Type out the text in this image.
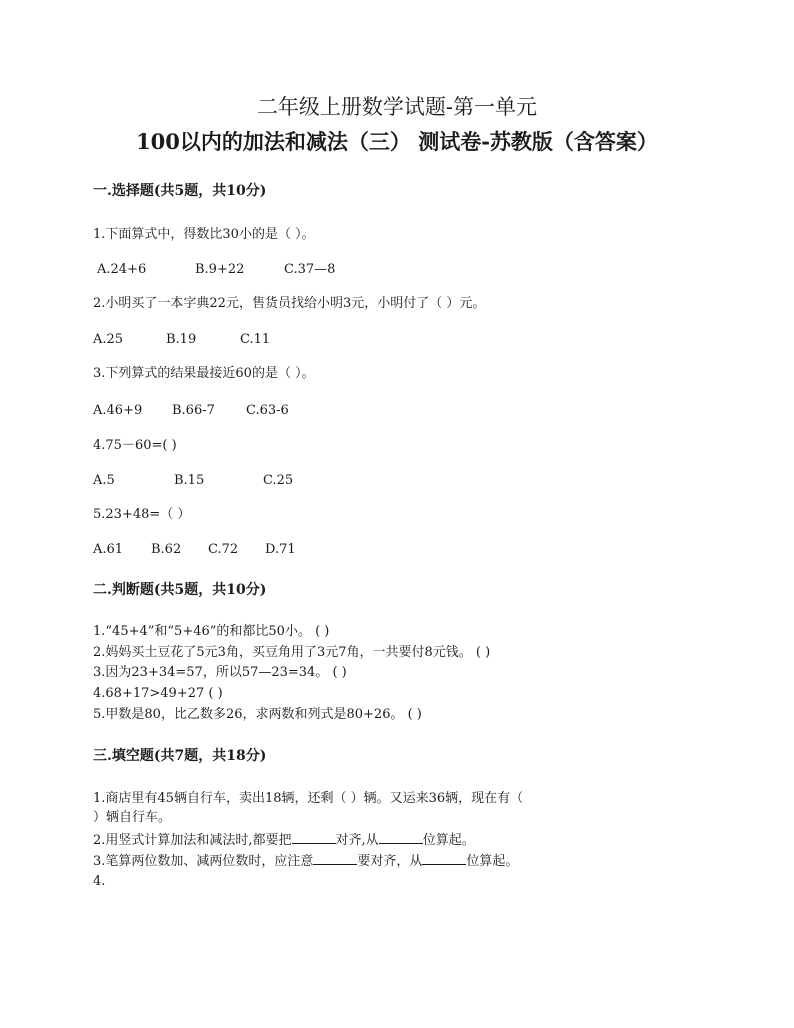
二年级上册数学试题-第一单元
100以内的加法和减法（三） 测试卷-苏教版（含答案）
一.选择题(共5题，共10分)
1.下面算式中，得数比30小的是（ ）。
A.24+6	B.9+22	C.37—8
2.小明买了一本字典22元，售货员找给小明3元，小明付了（ ）元。
A.25	B.19	C.11
3.下列算式的结果最接近60的是（ ）。
A.46+9 B.66-7 C.63-6
4.75－60=( )
A.5	B.15	C.25
5.23+48=（ ）
A.61 B.62 C.72 D.71
二.判断题(共5题，共10分)
1.“45+4”和“5+46”的和都比50小。 ( )
2.妈妈买土豆花了5元3角，买豆角用了3元7角，一共要付8元钱。 ( )
3.因为23+34=57，所以57—23=34。 ( )
4.68+17>49+27 ( )
5.甲数是80，比乙数多26，求两数和列式是80+26。 ( )
三.填空题(共7题，共18分)
1.商店里有45辆自行车，卖出18辆，还剩（ ）辆。又运来36辆，现在有（
）辆自行车。
2.用竖式计算加法和减法时,都要把	对齐,从	位算起。
3.笔算两位数加、减两位数时，应注意	要对齐，从	位算起。
4.
